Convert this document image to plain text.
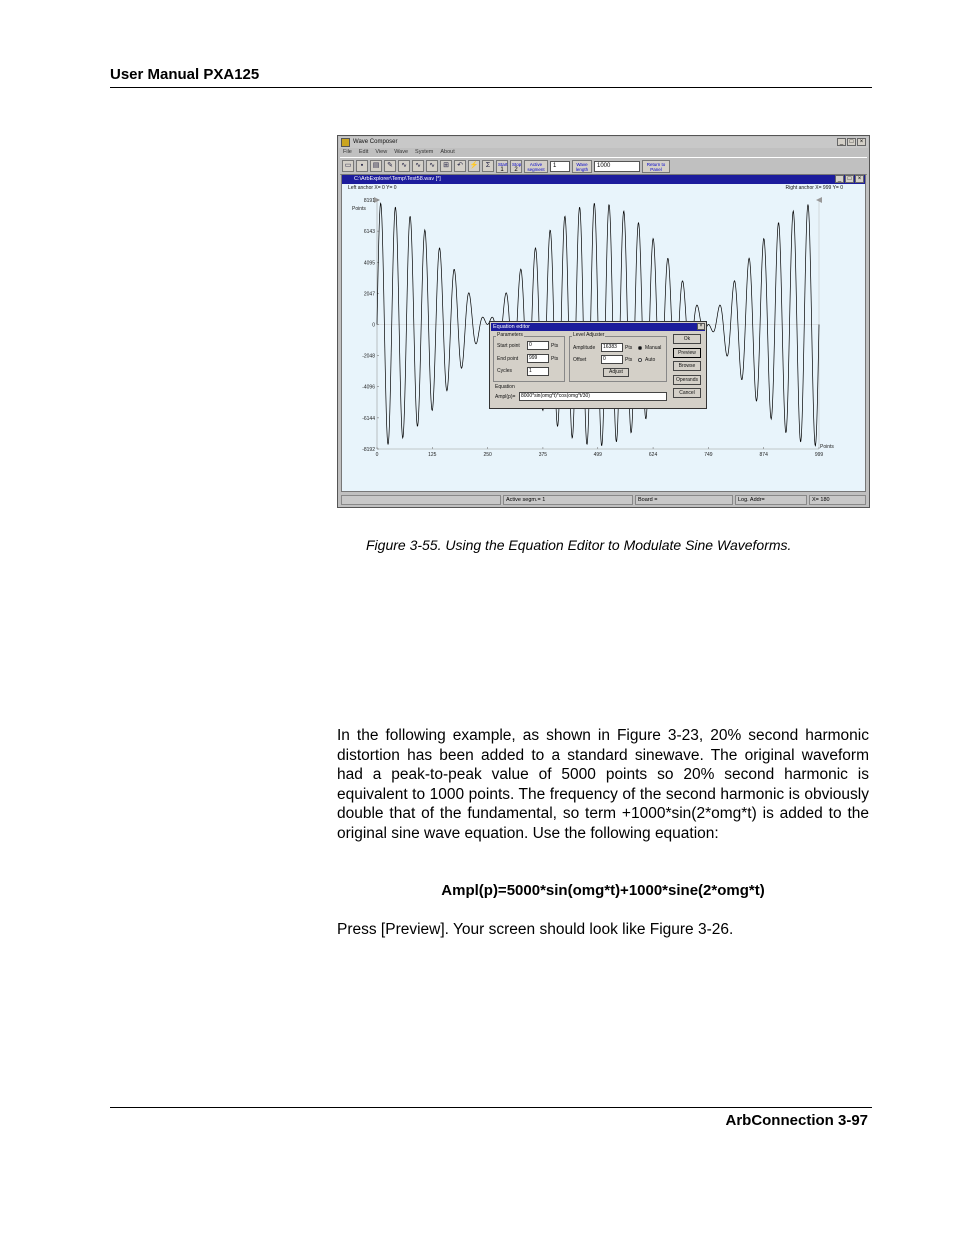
User Manual PXA125
Wave Composer	_	□	×
File Edit View Wave System About
▭	▪	▤	✎	∿	∿	∿	⊞	↶ ⚡	Σ	Start
1
Stop
2
Active segment
1	Wave length
1000	Return to Panel
C:\ArbExplorer\Temp\Test58.wav [*]	_	□	×
Left anchor X= 0 Y= 0	Right anchor X= 999 Y= 0
8191
6143
4095
2047
0
-2048
-4096
-6144
-8192
Points
0	125	250	375	499	624	749	874	999
Points
Equation editor	×
Parameters
Start point	0	Pts
End point	999	Pts
Cycles	1
Level Adjuster
Amplitude	16383	Pts	Manual
Offset	0	Pts	Auto
Adjust
Equation
Ampl(p)=	8000*sin(omg*t)*cos(omg*t/30)
Ok
Preview
Browse
Operands
Cancel
Active segm.= 1	Board =	Log. Addr=	X= 180
Figure 3-55. Using the Equation Editor to Modulate Sine Waveforms.
In the following example, as shown in Figure 3-23, 20% second harmonic distortion has been added to a standard sinewave. The original waveform had a peak-to-peak value of 5000 points so 20% second harmonic is equivalent to 1000 points. The frequency of the second harmonic is obviously double that of the fundamental, so term +1000*sin(2*omg*t) is added to the original sine wave equation. Use the following equation:
Ampl(p)=5000*sin(omg*t)+1000*sine(2*omg*t)
Press [Preview]. Your screen should look like Figure 3-26.
ArbConnection 3-97
